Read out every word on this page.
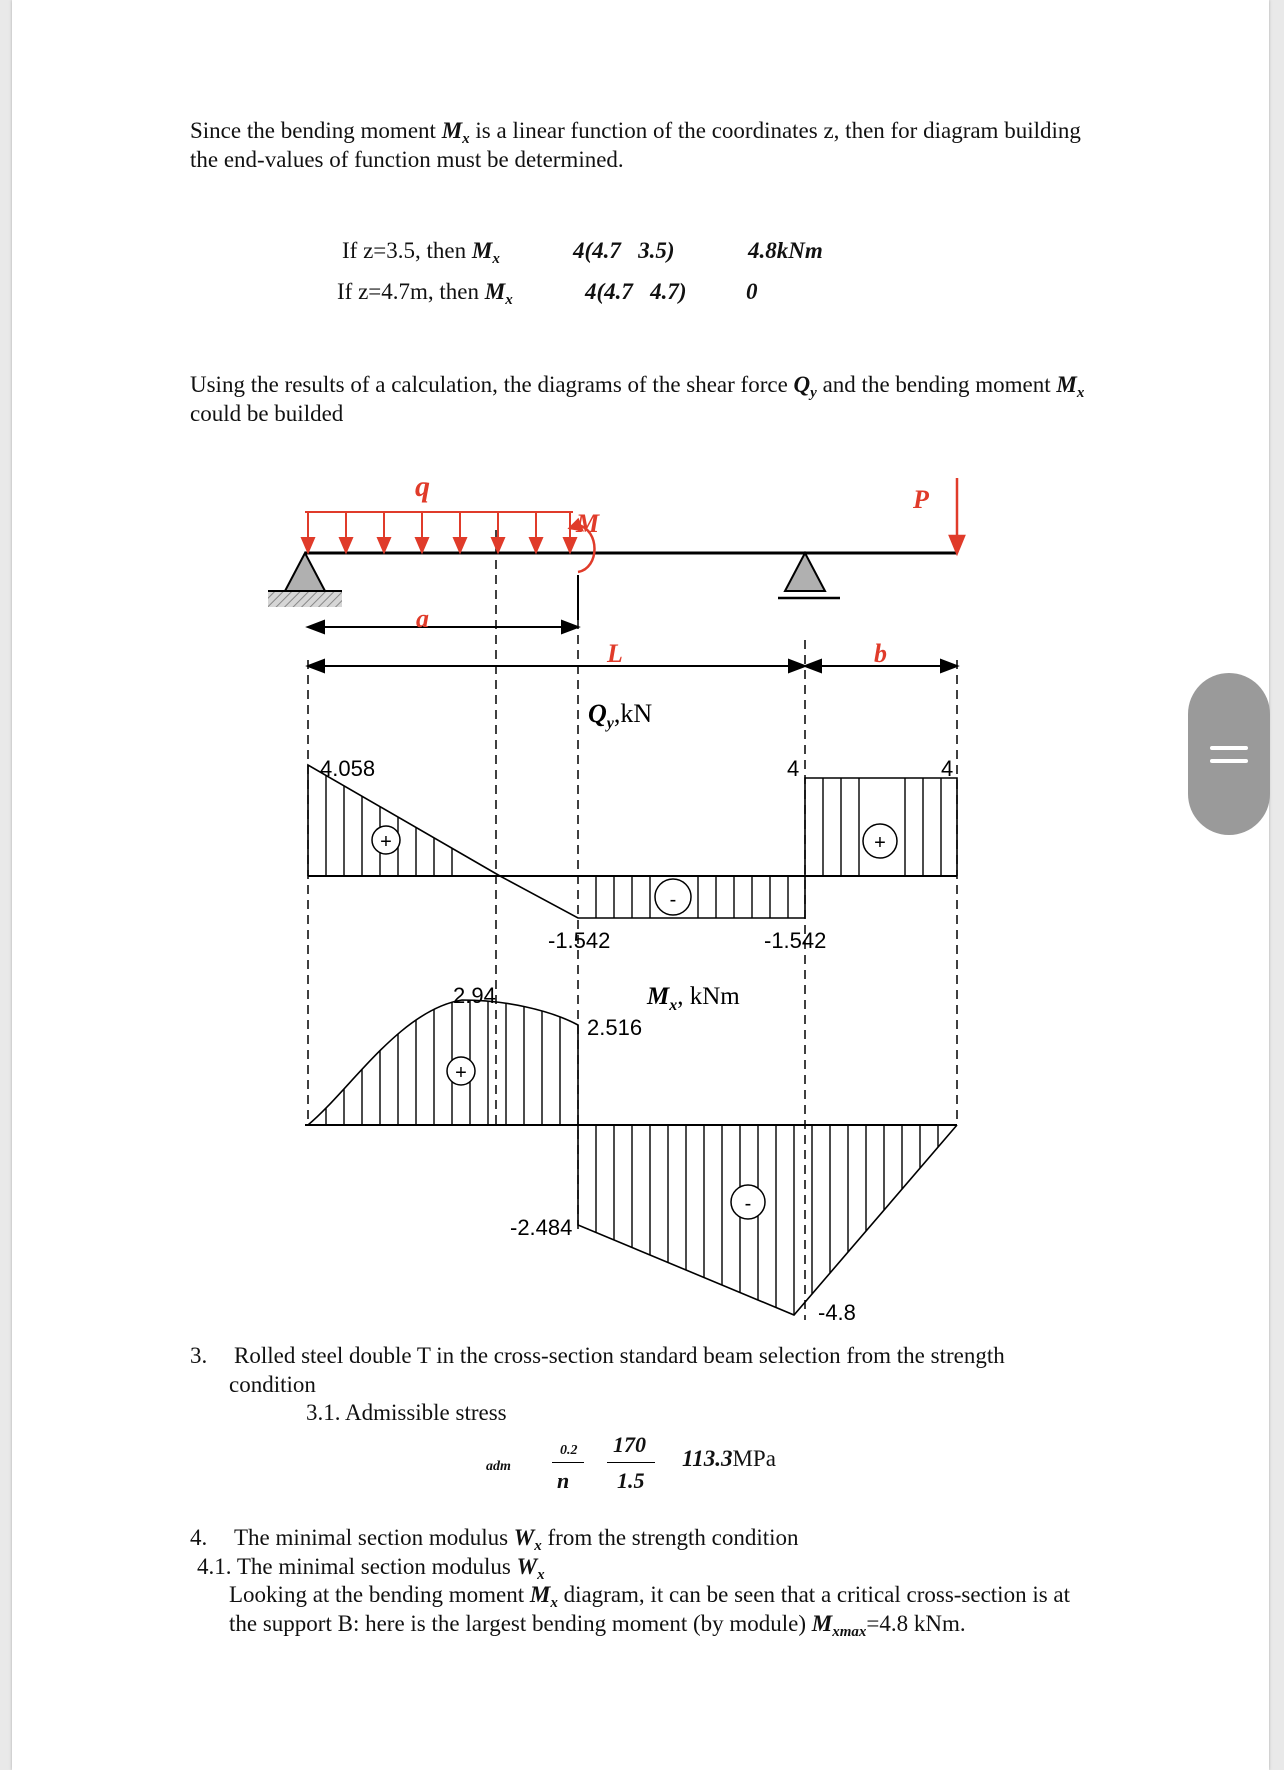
Since the bending moment $M_x$ is a linear function of the coordinates z, then for diagram building
the end-values of function must be determined.
If z=3.5, then $M_x$	4(4.7   3.5)	4.8kNm
If z=4.7m, then $M_x$	4(4.7   4.7)	0
Using the results of a calculation, the diagrams of the shear force $Q_y$ and the bending moment $M_x$
could be builded
q
M
P
a
L	b
$Q_y,kN$
+
-
+
4.058	4	4
-1.542	-1.542
$M_x$, kNm
+
-
2.94
2.516
-2.484
-4.8
3. Rolled steel double T in the cross-section standard beam selection from the strength
condition
3.1. Admissible stress
adm
0.2
n
170
1.5
113.3MPa
4. The minimal section modulus $W_x$ from the strength condition
4.1. The minimal section modulus $W_x$
Looking at the bending moment $M_x$ diagram, it can be seen that a critical cross-section is at
the support B: here is the largest bending moment (by module) $M_{xmax}=4.8$ kNm.
